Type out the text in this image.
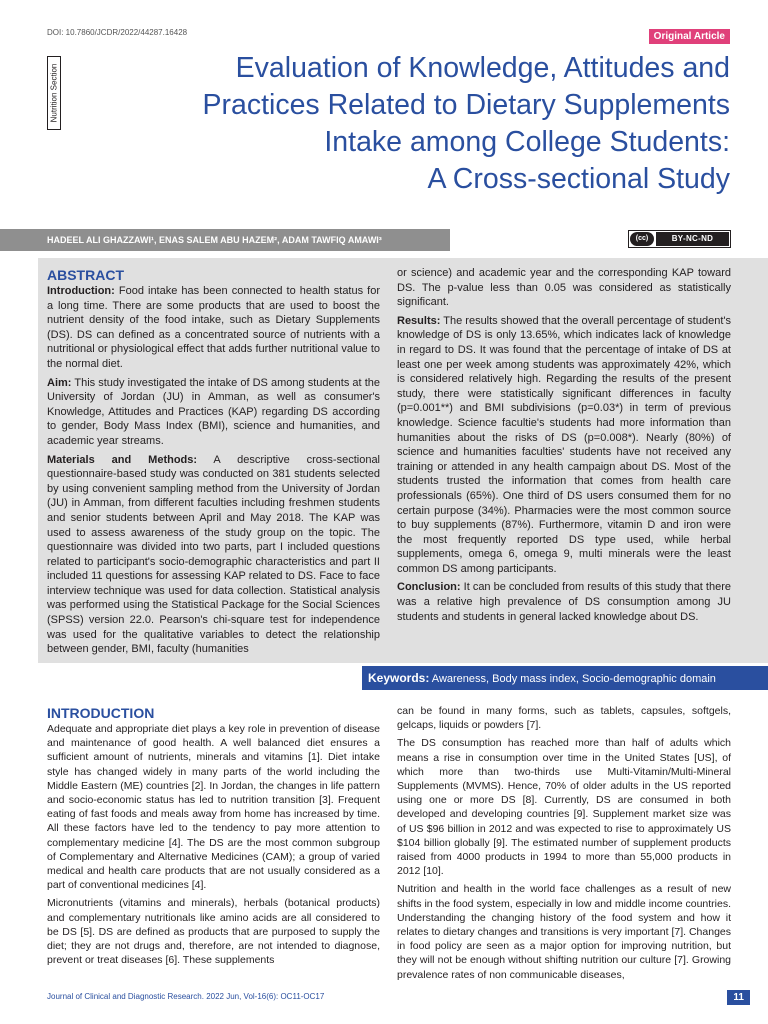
DOI: 10.7860/JCDR/2022/44287.16428	Original Article
Nutrition Section	Evaluation of Knowledge, Attitudes and
Practices Related to Dietary Supplements
Intake among College Students:
A Cross-sectional Study
HADEEL ALI GHAZZAWI¹, ENAS SALEM ABU HAZEM², ADAM TAWFIQ AMAWI³	(cc)	BY-NC-ND
ABSTRACT

Introduction: Food intake has been connected to health status for a long time. There are some products that are used to boost the nutrient density of the food intake, such as Dietary Supplements (DS). DS can defined as a concentrated source of nutrients with a nutritional or physiological effect that adds further nutritional value to the normal diet.

Aim: This study investigated the intake of DS among students at the University of Jordan (JU) in Amman, as well as consumer's Knowledge, Attitudes and Practices (KAP) regarding DS according to gender, Body Mass Index (BMI), science and humanities, and academic year streams.

Materials and Methods: A descriptive cross-sectional questionnaire-based study was conducted on 381 students selected by using convenient sampling method from the University of Jordan (JU) in Amman, from different faculties including freshmen students and senior students between April and May 2018. The KAP was used to assess awareness of the study group on the topic. The questionnaire was divided into two parts, part I included questions related to participant's socio-demographic characteristics and part II included 11 questions for assessing KAP related to DS. Face to face interview technique was used for data collection. Statistical analysis was performed using the Statistical Package for the Social Sciences (SPSS) version 22.0. Pearson's chi-square test for independence was used for the qualitative variables to detect the relationship between gender, BMI, faculty (humanities

or science) and academic year and the corresponding KAP toward DS. The p-value less than 0.05 was considered as statistically significant.

Results: The results showed that the overall percentage of student's knowledge of DS is only 13.65%, which indicates lack of knowledge in regard to DS. It was found that the percentage of intake of DS at least one per week among students was approximately 42%, which is considered relatively high. Regarding the results of the present study, there were statistically significant differences in faculty (p=0.001**) and BMI subdivisions (p=0.03*) in term of previous knowledge. Science facultie's students had more information than humanities about the risks of DS (p=0.008*). Nearly (80%) of science and humanities faculties' students have not received any training or attended in any health campaign about DS. Most of the students trusted the information that comes from health care professionals (65%). One third of DS users consumed them for no certain purpose (34%). Pharmacies were the most common source to buy supplements (87%). Furthermore, vitamin D and iron were the most frequently reported DS type used, while herbal supplements, omega 6, omega 9, multi minerals were the least common DS among participants.

Conclusion: It can be concluded from results of this study that there was a relative high prevalence of DS consumption among JU students and students in general lacked knowledge about DS.

Keywords: Awareness, Body mass index, Socio-demographic domain
INTRODUCTION

Adequate and appropriate diet plays a key role in prevention of disease and maintenance of good health. A well balanced diet ensures a sufficient amount of nutrients, minerals and vitamins [1]. Diet intake style has changed widely in many parts of the world including the Middle Eastern (ME) countries [2]. In Jordan, the changes in life pattern and socio-economic status has led to nutrition transition [3]. Frequent eating of fast foods and meals away from home has increased by time. All these factors have led to the tendency to pay more attention to complementary medicine [4]. The DS are the most common subgroup of Complementary and Alternative Medicines (CAM); a group of varied medical and health care products that are not usually considered as a part of conventional medicines [4].

Micronutrients (vitamins and minerals), herbals (botanical products) and complementary nutritionals like amino acids are all considered to be DS [5]. DS are defined as products that are purposed to supply the diet; they are not drugs and, therefore, are not intended to diagnose, prevent or treat diseases [6]. These supplements

can be found in many forms, such as tablets, capsules, softgels, gelcaps, liquids or powders [7].

The DS consumption has reached more than half of adults which means a rise in consumption over time in the United States [US], of which more than two-thirds use Multi-Vitamin/Multi-Mineral Supplements (MVMS). Hence, 70% of older adults in the US reported using one or more DS [8]. Currently, DS are consumed in both developed and developing countries [9]. Supplement market size was of US $96 billion in 2012 and was expected to rise to approximately US $104 billion globally [9]. The estimated number of supplement products raised from 4000 products in 1994 to more than 55,000 products in 2012 [10].

Nutrition and health in the world face challenges as a result of new shifts in the food system, especially in low and middle income countries. Understanding the changing history of the food system and how it relates to dietary changes and transitions is very important [7]. Changes in food policy are seen as a major option for improving nutrition, but they will not be enough without shifting nutrition our culture [7]. Growing prevalence rates of non communicable diseases,

Journal of Clinical and Diagnostic Research. 2022 Jun, Vol-16(6): OC11-OC17	11
